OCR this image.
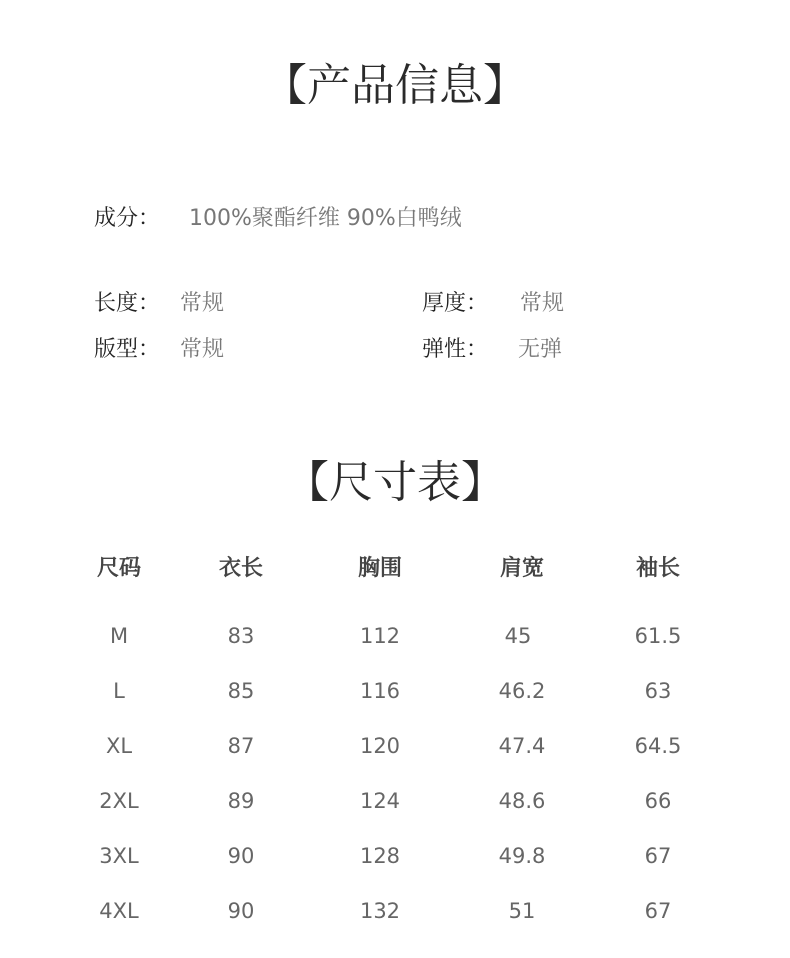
【产品信息】
成分： 100%聚酯纤维 90%白鸭绒
长度： 常规	厚度： 常规
版型： 常规	弹性： 无弹
【尺寸表】
尺码	衣长	胸围	肩宽	袖长
M	83	112	45	61.5
L	85	116	46.2	63
XL	87	120	47.4	64.5
2XL	89	124	48.6	66
3XL	90	128	49.8	67
4XL	90	132	51	67
